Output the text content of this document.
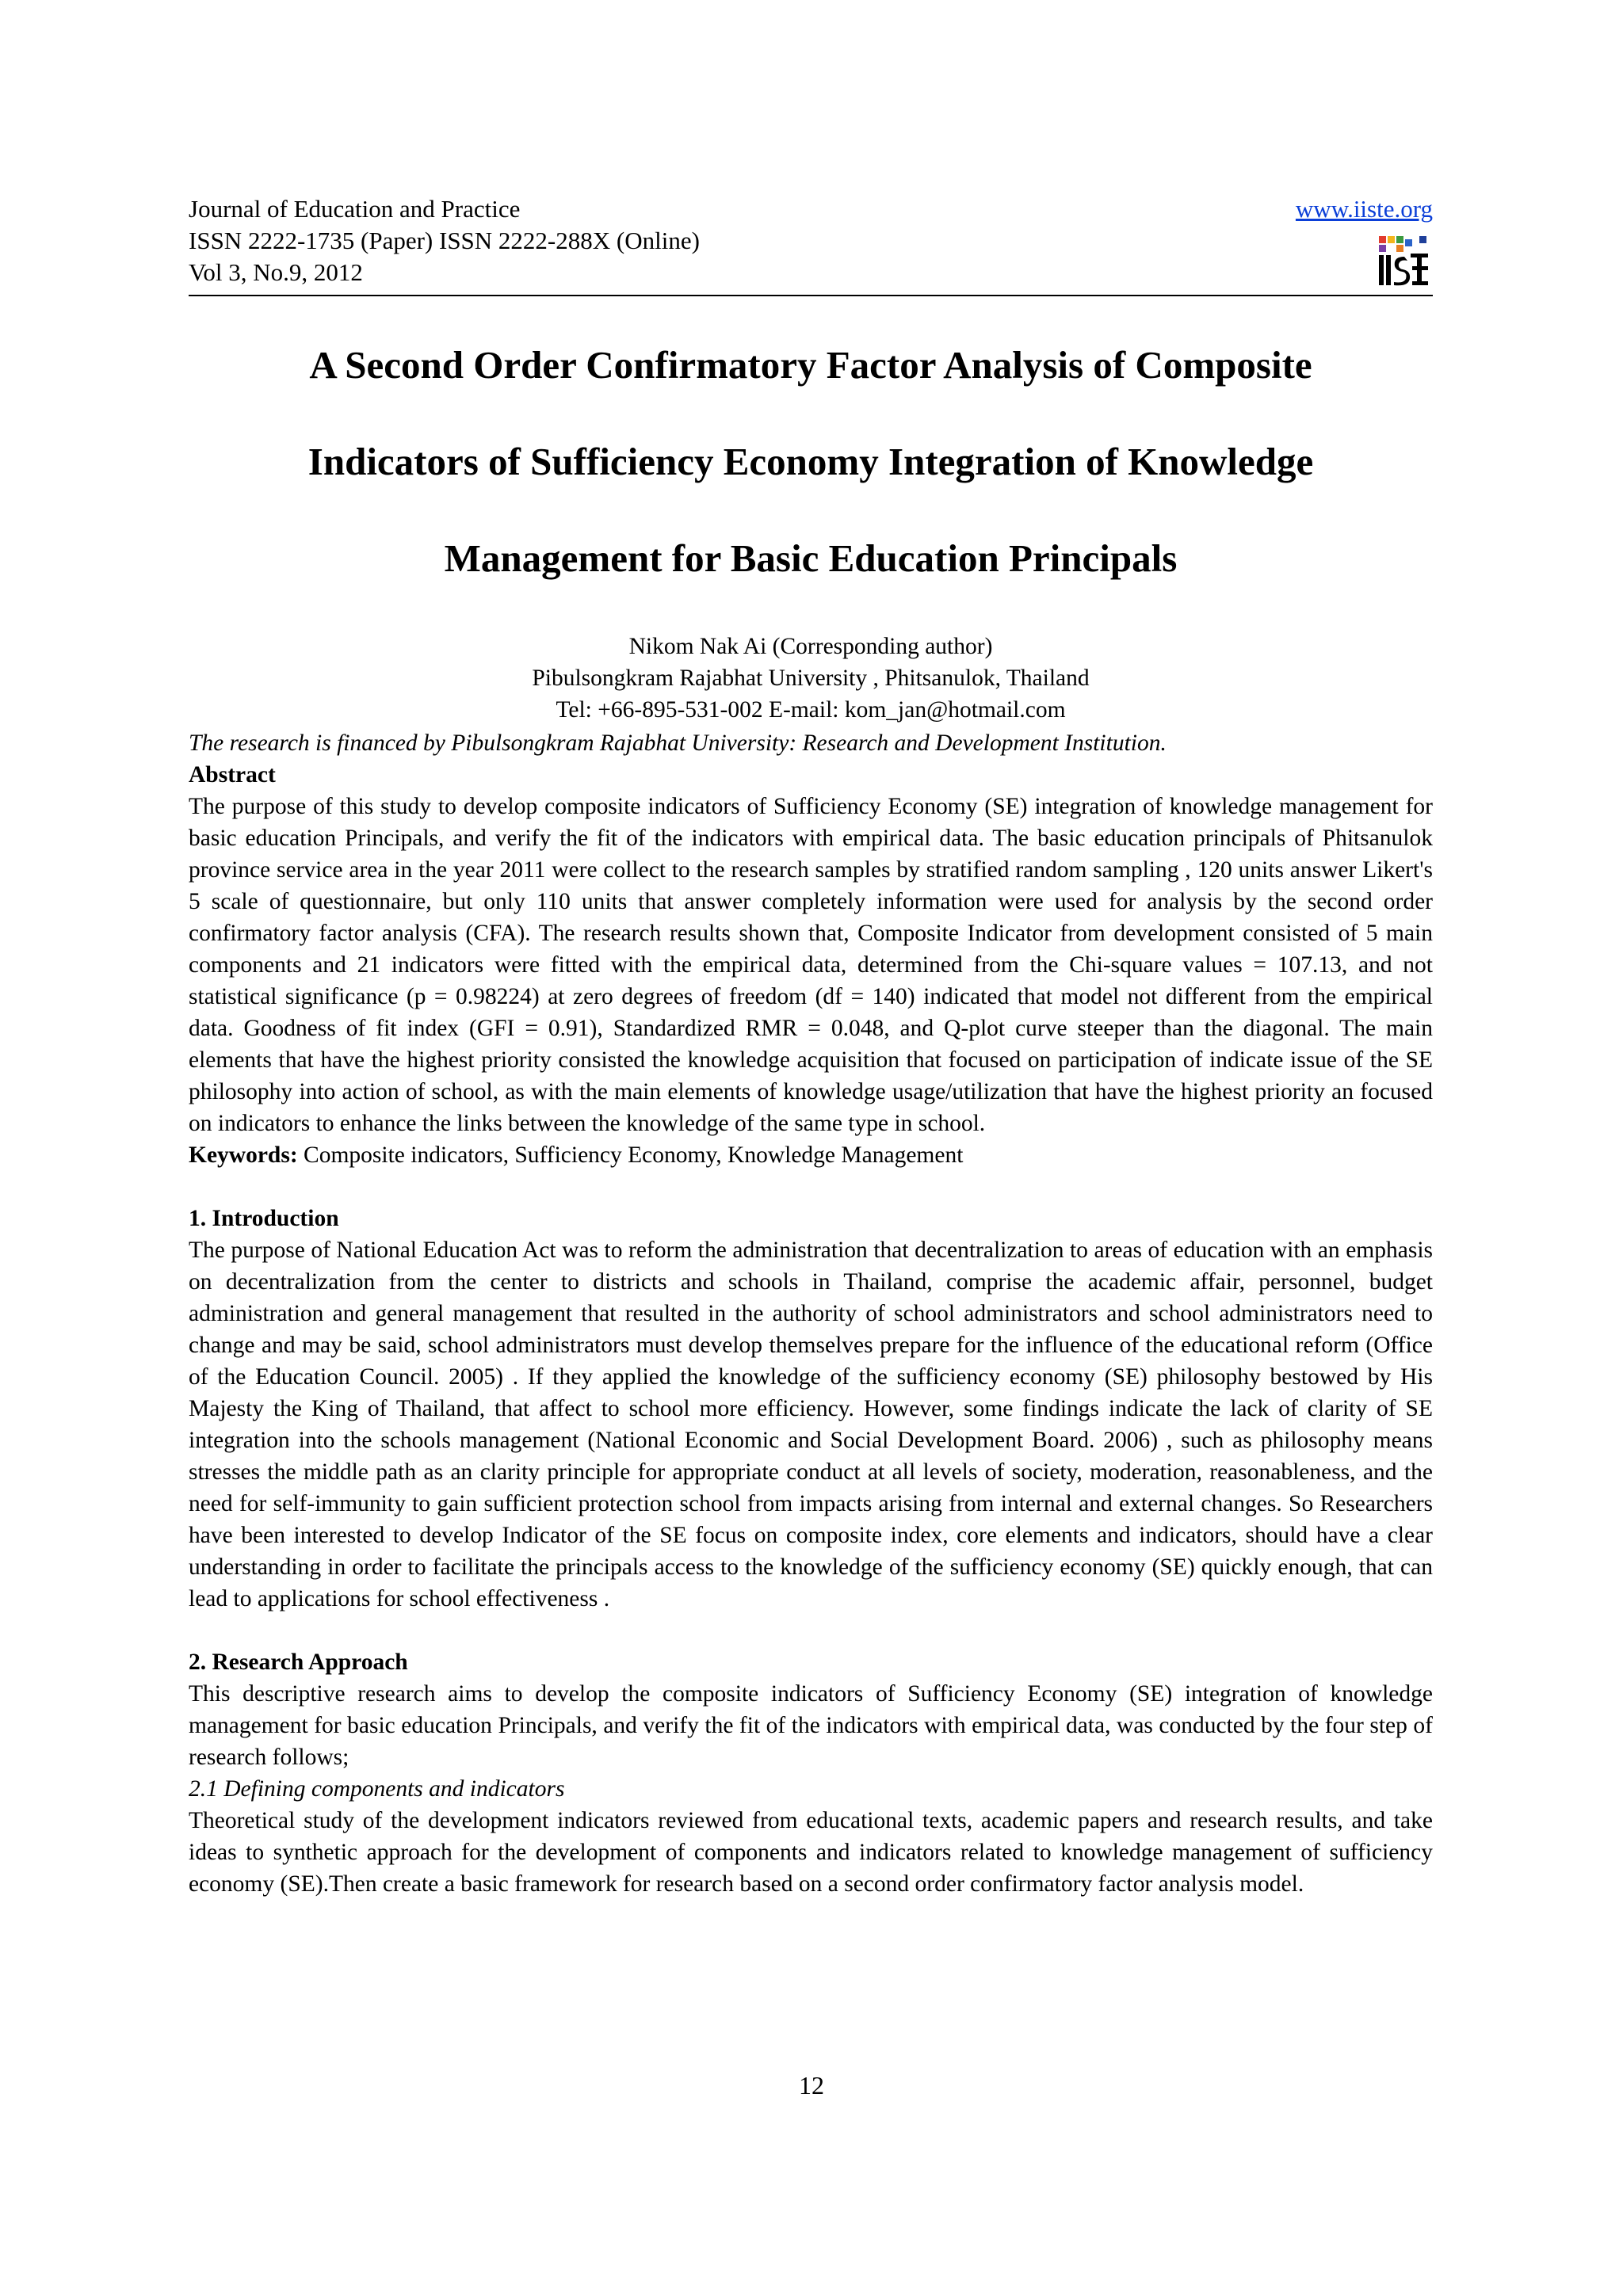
Journal of Education and Practice
ISSN 2222-1735 (Paper) ISSN 2222-288X (Online)
Vol 3, No.9, 2012
www.iiste.org
A Second Order Confirmatory Factor Analysis of Composite
Indicators of Sufficiency Economy Integration of Knowledge
Management for Basic Education Principals
Nikom Nak Ai (Corresponding author)
Pibulsongkram Rajabhat University , Phitsanulok, Thailand
Tel: +66-895-531-002 E-mail: kom_jan@hotmail.com
The research is financed by Pibulsongkram Rajabhat University: Research and Development Institution.
Abstract
The purpose of this study to develop composite indicators of Sufficiency Economy (SE) integration of knowledge management for basic education Principals, and verify the fit of the indicators with empirical data. The basic education principals of Phitsanulok province service area in the year 2011 were collect to the research samples by stratified random sampling , 120 units answer Likert's 5 scale of questionnaire, but only 110 units that answer completely information were used for analysis by the second order confirmatory factor analysis (CFA). The research results shown that, Composite Indicator from development consisted of 5 main components and 21 indicators were fitted with the empirical data, determined from the Chi-square values = 107.13, and not statistical significance (p = 0.98224) at zero degrees of freedom (df = 140) indicated that model not different from the empirical data. Goodness of fit index (GFI = 0.91), Standardized RMR = 0.048, and Q-plot curve steeper than the diagonal. The main elements that have the highest priority consisted the knowledge acquisition that focused on participation of indicate issue of the SE philosophy into action of school, as with the main elements of knowledge usage/utilization that have the highest priority an focused on indicators to enhance the links between the knowledge of the same type in school.
Keywords: Composite indicators, Sufficiency Economy, Knowledge Management
1. Introduction
The purpose of National Education Act was to reform the administration that decentralization to areas of education with an emphasis on decentralization from the center to districts and schools in Thailand, comprise the academic affair, personnel, budget administration and general management that resulted in the authority of school administrators and school administrators need to change and may be said, school administrators must develop themselves prepare for the influence of the educational reform (Office of the Education Council. 2005) . If they applied the knowledge of the sufficiency economy (SE) philosophy bestowed by His Majesty the King of Thailand, that affect to school more efficiency. However, some findings indicate the lack of clarity of SE integration into the schools management (National Economic and Social Development Board. 2006) , such as philosophy means stresses the middle path as an clarity principle for appropriate conduct at all levels of society, moderation, reasonableness, and the need for self-immunity to gain sufficient protection school from impacts arising from internal and external changes. So Researchers have been interested to develop Indicator of the SE focus on composite index, core elements and indicators, should have a clear understanding in order to facilitate the principals access to the knowledge of the sufficiency economy (SE) quickly enough, that can lead to applications for school effectiveness .
2. Research Approach
This descriptive research aims to develop the composite indicators of Sufficiency Economy (SE) integration of knowledge management for basic education Principals, and verify the fit of the indicators with empirical data, was conducted by the four step of research follows;
2.1 Defining components and indicators
Theoretical study of the development indicators reviewed from educational texts, academic papers and research results, and take ideas to synthetic approach for the development of components and indicators related to knowledge management of sufficiency economy (SE).Then create a basic framework for research based on a second order confirmatory factor analysis model.
12
